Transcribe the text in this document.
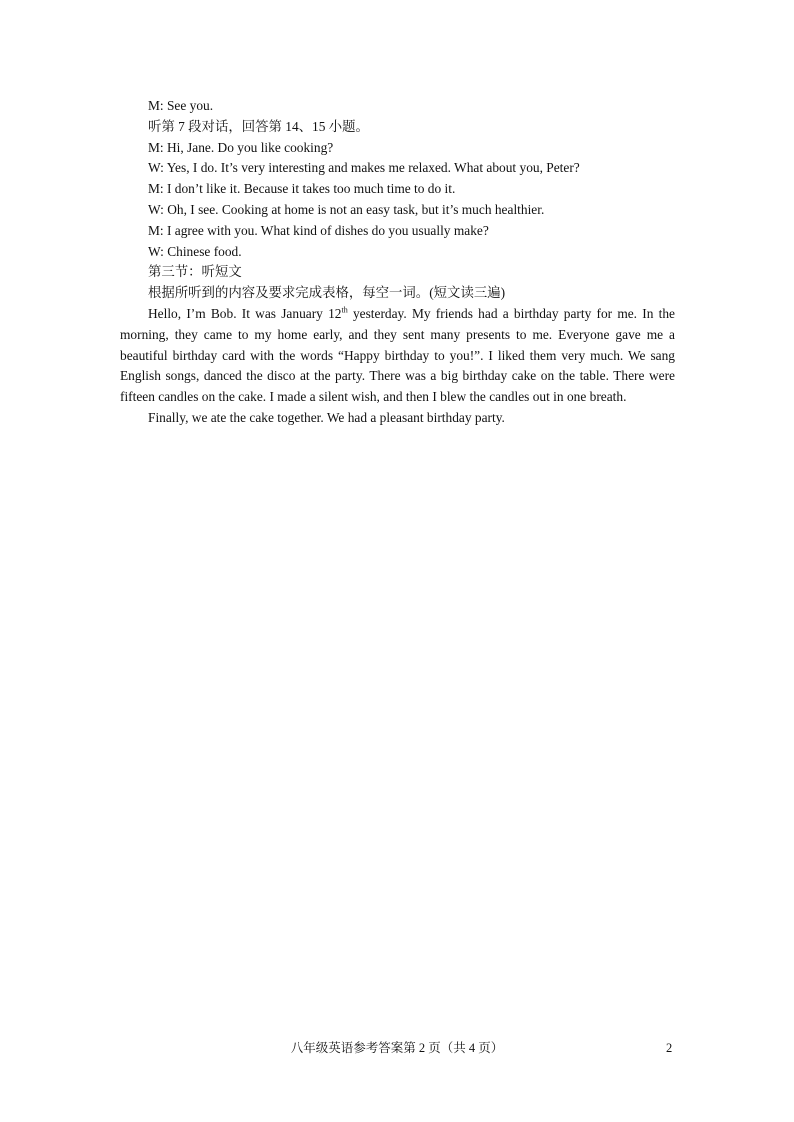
M: See you.
听第 7 段对话，回答第 14、15 小题。
M: Hi, Jane. Do you like cooking?
W: Yes, I do. It’s very interesting and makes me relaxed. What about you, Peter?
M: I don’t like it. Because it takes too much time to do it.
W: Oh, I see. Cooking at home is not an easy task, but it’s much healthier.
M: I agree with you. What kind of dishes do you usually make?
W: Chinese food.
第三节：听短文
根据所听到的内容及要求完成表格，每空一词。(短文读三遍)

Hello, I’m Bob. It was January 12th yesterday. My friends had a birthday party for me. In the morning, they came to my home early, and they sent many presents to me. Everyone gave me a beautiful birthday card with the words “Happy birthday to you!”. I liked them very much. We sang English songs, danced the disco at the party. There was a big birthday cake on the table. There were fifteen candles on the cake. I made a silent wish, and then I blew the candles out in one breath.

Finally, we ate the cake together. We had a pleasant birthday party.

八年级英语参考答案第 2 页（共 4 页）	2
